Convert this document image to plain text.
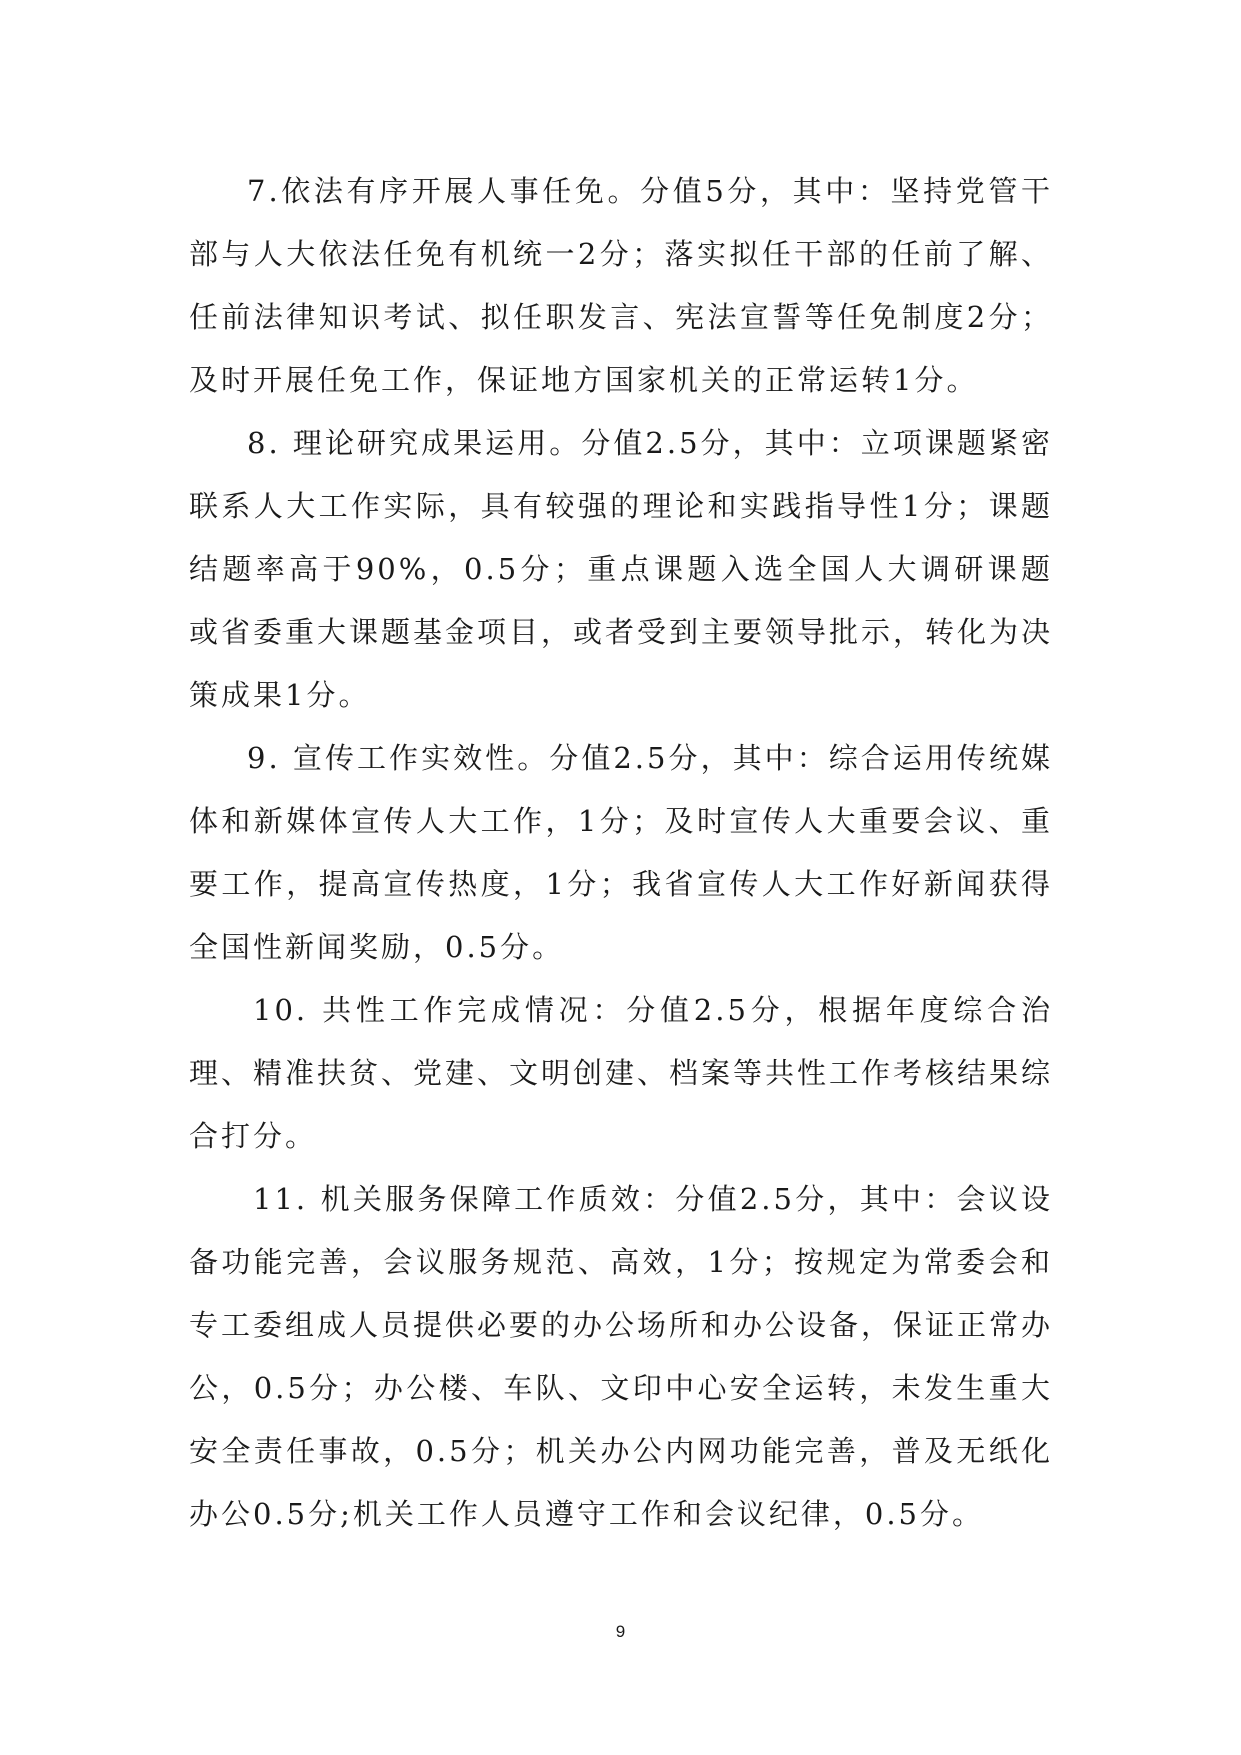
7.依法有序开展人事任免。分值5分，其中：坚持党管干部与人大依法任免有机统一2分；落实拟任干部的任前了解、任前法律知识考试、拟任职发言、宪法宣誓等任免制度2分；及时开展任免工作，保证地方国家机关的正常运转1分。

8. 理论研究成果运用。分值2.5分，其中：立项课题紧密联系人大工作实际，具有较强的理论和实践指导性1分；课题结题率高于90%，0.5分；重点课题入选全国人大调研课题或省委重大课题基金项目，或者受到主要领导批示，转化为决策成果1分。

9. 宣传工作实效性。分值2.5分，其中：综合运用传统媒体和新媒体宣传人大工作，1分；及时宣传人大重要会议、重要工作，提高宣传热度，1分；我省宣传人大工作好新闻获得全国性新闻奖励，0.5分。

10. 共性工作完成情况：分值2.5分，根据年度综合治理、精准扶贫、党建、文明创建、档案等共性工作考核结果综合打分。

11. 机关服务保障工作质效：分值2.5分，其中：会议设备功能完善，会议服务规范、高效，1分；按规定为常委会和专工委组成人员提供必要的办公场所和办公设备，保证正常办公，0.5分；办公楼、车队、文印中心安全运转，未发生重大安全责任事故，0.5分；机关办公内网功能完善，普及无纸化办公0.5分;机关工作人员遵守工作和会议纪律，0.5分。

9
